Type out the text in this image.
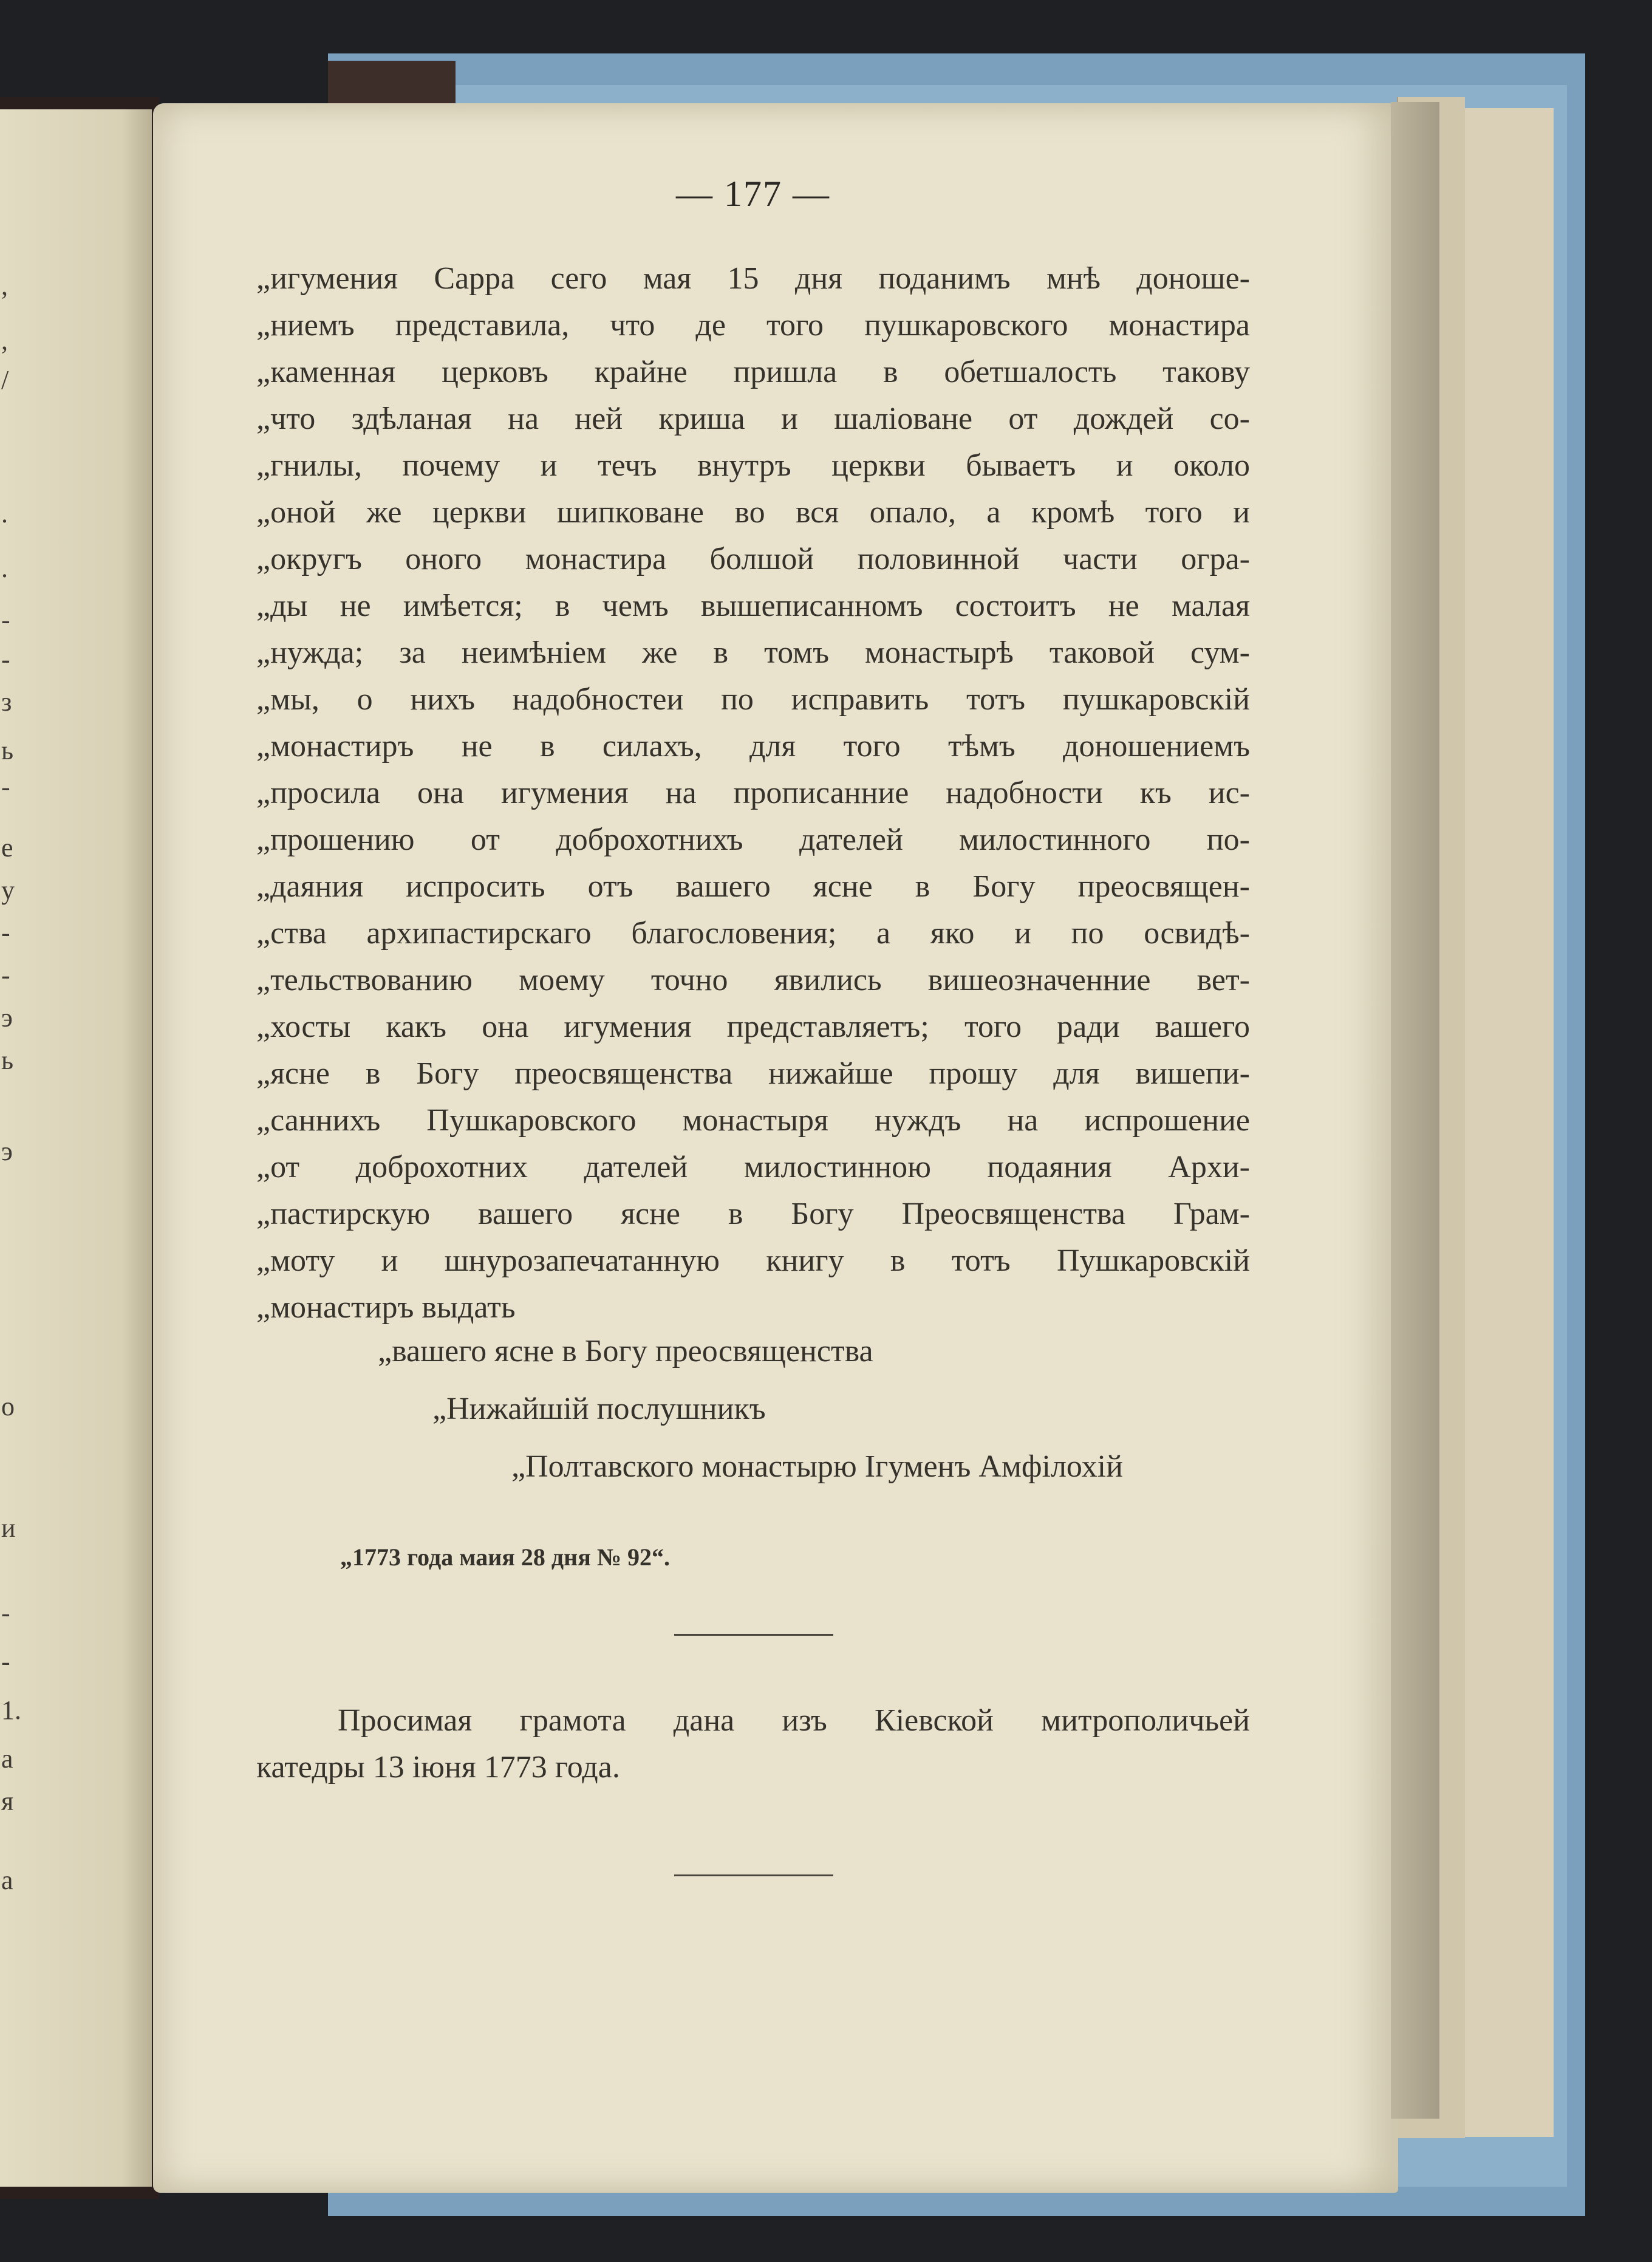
,
,
/
.
.
-
-
з
ь
-
е
у
-
-
э
ь
э
о
и
-
-
1.
а
я
а
— 177 —
„игумения Сарра сего мая 15 дня поданимъ мнѣ доноше-
„ниемъ представила, что де того пушкаровского монастира
„каменная церковъ крайне пришла в обетшалость такову
„что здѣланая на ней криша и шаліоване от дождей со-
„гнилы, почему и течъ внутръ церкви бываетъ и около
„оной же церкви шипковане во вся опало, а кромѣ того и
„округъ оного монастира болшой половинной части огра-
„ды не имѣется; в чемъ вышеписанномъ состоитъ не малая
„нужда; за неимѣніем же в томъ монастырѣ таковой сум-
„мы, о нихъ надобностеи по исправить тотъ пушкаровскій
„монастиръ не в силахъ, для того тѣмъ доношениемъ
„просила она игумения на прописанние надобности къ ис-
„прошению от доброхотнихъ дателей милостинного по-
„даяния испросить отъ вашего ясне в Богу преосвящен-
„ства архипастирскаго благословения; а яко и по освидѣ-
„тельствованию моему точно явились вишеозначенние вет-
„хосты какъ она игумения представляетъ; того ради вашего
„ясне в Богу преосвященства нижайше прошу для вишепи-
„саннихъ Пушкаровского монастыря нуждъ на испрошение
„от доброхотних дателей милостинною подаяния Архи-
„пастирскую вашего ясне в Богу Преосвященства Грам-
„моту и шнурозапечатанную книгу в тотъ Пушкаровскій
„монастиръ выдать
„вашего ясне в Богу преосвященства
„Нижайшій послушникъ
„Полтавского монастырю Ігуменъ Амфілохій
„1773 года маия 28 дня № 92“.
Просимая грамота дана изъ Кіевской митрополичьей
катедры 13 іюня 1773 года.
